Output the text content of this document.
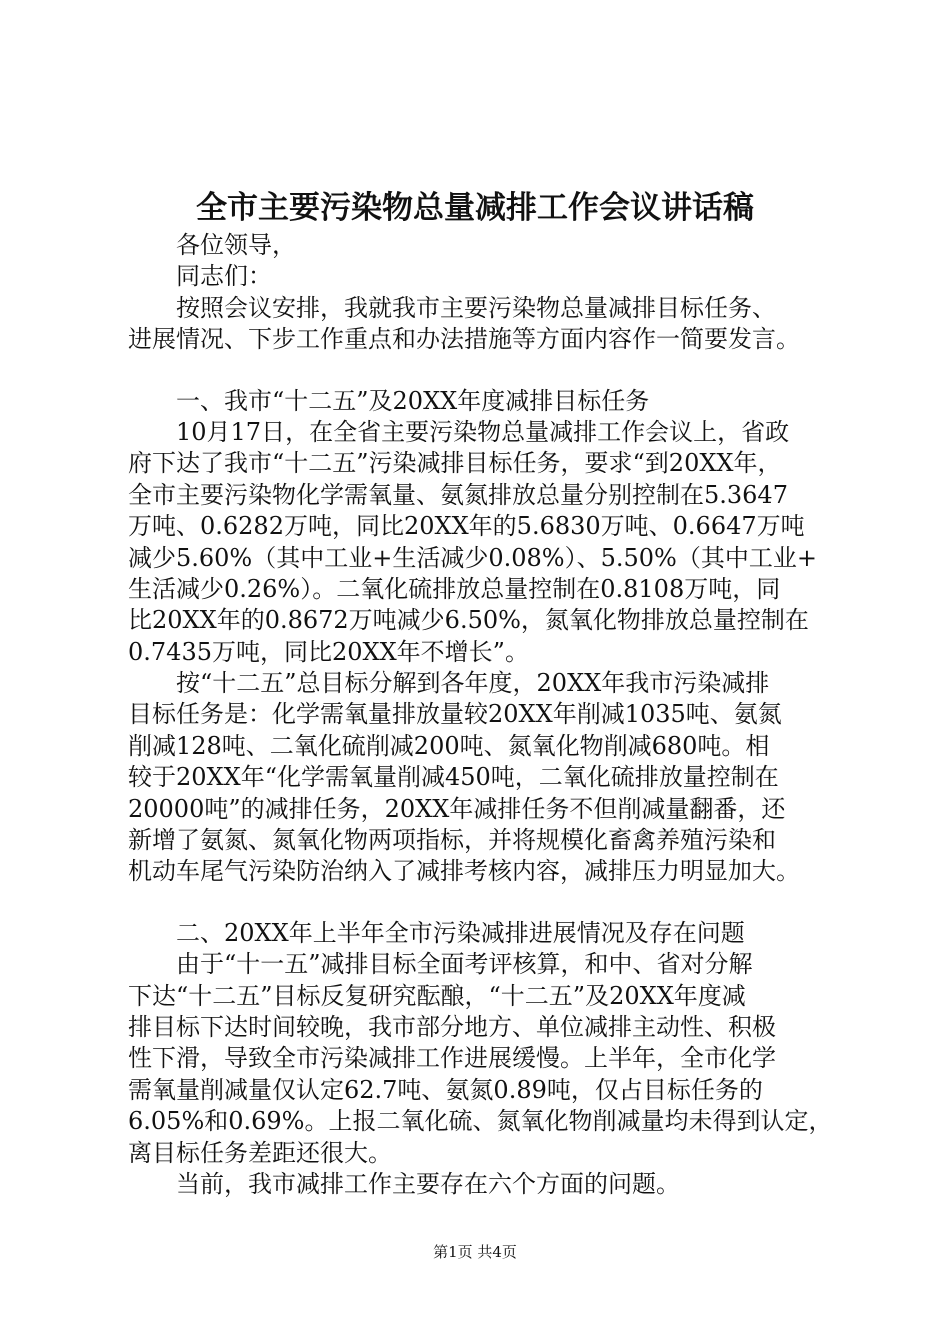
全市主要污染物总量减排工作会议讲话稿
　　各位领导，
　　同志们：
　　按照会议安排，我就我市主要污染物总量减排目标任务、
进展情况、下步工作重点和办法措施等方面内容作一简要发言。
　　一、我市“十二五”及20XX年度减排目标任务
　　10月17日，在全省主要污染物总量减排工作会议上，省政
府下达了我市“十二五”污染减排目标任务，要求“到20XX年，
全市主要污染物化学需氧量、氨氮排放总量分别控制在5.3647
万吨、0.6282万吨，同比20XX年的5.6830万吨、0.6647万吨
减少5.60%（其中工业+生活减少0.08%）、5.50%（其中工业+
生活减少0.26%）。二氧化硫排放总量控制在0.8108万吨，同
比20XX年的0.8672万吨减少6.50%，氮氧化物排放总量控制在
0.7435万吨，同比20XX年不增长”。
　　按“十二五”总目标分解到各年度，20XX年我市污染减排
目标任务是：化学需氧量排放量较20XX年削减1035吨、氨氮
削减128吨、二氧化硫削减200吨、氮氧化物削减680吨。相
较于20XX年“化学需氧量削减450吨，二氧化硫排放量控制在
20000吨”的减排任务，20XX年减排任务不但削减量翻番，还
新增了氨氮、氮氧化物两项指标，并将规模化畜禽养殖污染和
机动车尾气污染防治纳入了减排考核内容，减排压力明显加大。
　　二、20XX年上半年全市污染减排进展情况及存在问题
　　由于“十一五”减排目标全面考评核算，和中、省对分解
下达“十二五”目标反复研究酝酿，“十二五”及20XX年度减
排目标下达时间较晚，我市部分地方、单位减排主动性、积极
性下滑，导致全市污染减排工作进展缓慢。上半年，全市化学
需氧量削减量仅认定62.7吨、氨氮0.89吨，仅占目标任务的
6.05%和0.69%。上报二氧化硫、氮氧化物削减量均未得到认定，
离目标任务差距还很大。
　　当前，我市减排工作主要存在六个方面的问题。
第1页 共4页
